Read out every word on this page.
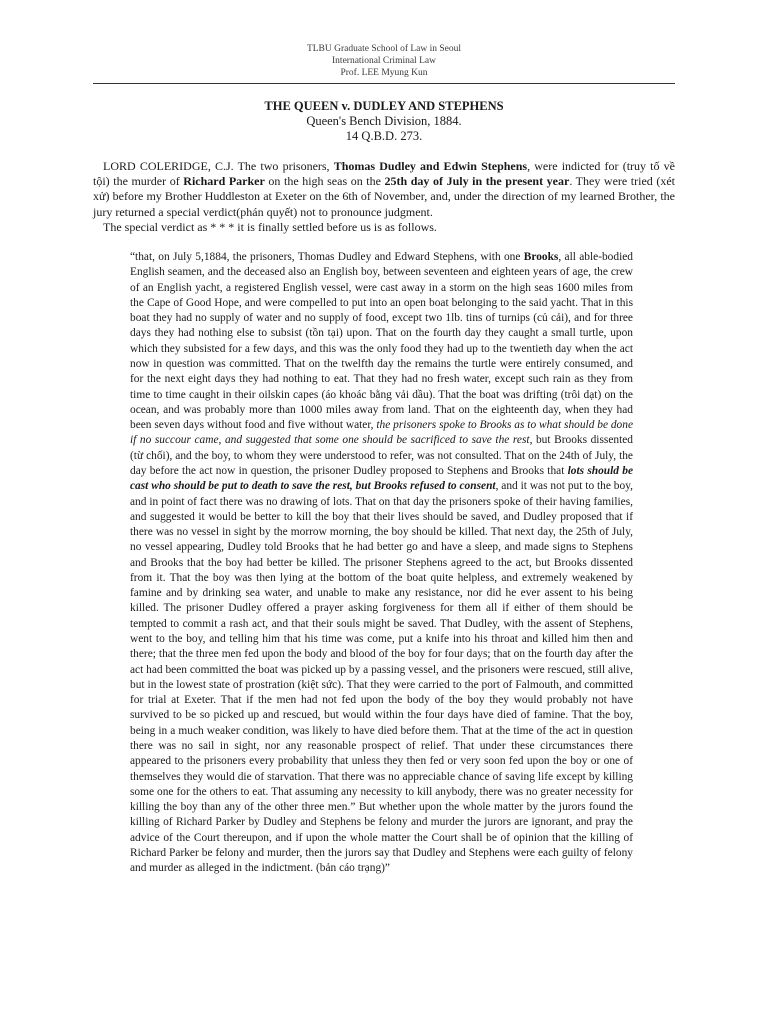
TLBU Graduate School of Law in Seoul
International Criminal Law
Prof. LEE Myung Kun
THE QUEEN v. DUDLEY AND STEPHENS
Queen's Bench Division, 1884.
14 Q.B.D. 273.

LORD COLERIDGE, C.J. The two prisoners, Thomas Dudley and Edwin Stephens, were indicted for (truy tố về tội) the murder of Richard Parker on the high seas on the 25th day of July in the present year. They were tried (xét xử) before my Brother Huddleston at Exeter on the 6th of November, and, under the direction of my learned Brother, the jury returned a special verdict(phán quyết) not to pronounce judgment.

The special verdict as * * * it is finally settled before us is as follows.

“that, on July 5,1884, the prisoners, Thomas Dudley and Edward Stephens, with one Brooks, all able-bodied English seamen, and the deceased also an English boy, between seventeen and eighteen years of age, the crew of an English yacht, a registered English vessel, were cast away in a storm on the high seas 1600 miles from the Cape of Good Hope, and were compelled to put into an open boat belonging to the said yacht. That in this boat they had no supply of water and no supply of food, except two 1lb. tins of turnips (củ cải), and for three days they had nothing else to subsist (tồn tại) upon. That on the fourth day they caught a small turtle, upon which they subsisted for a few days, and this was the only food they had up to the twentieth day when the act now in question was committed. That on the twelfth day the remains the turtle were entirely consumed, and for the next eight days they had nothing to eat. That they had no fresh water, except such rain as they from time to time caught in their oilskin capes (áo khoác bằng vải dầu). That the boat was drifting (trôi dạt) on the ocean, and was probably more than 1000 miles away from land. That on the eighteenth day, when they had been seven days without food and five without water, the prisoners spoke to Brooks as to what should be done if no succour came, and suggested that some one should be sacrificed to save the rest, but Brooks dissented (từ chối), and the boy, to whom they were understood to refer, was not consulted. That on the 24th of July, the day before the act now in question, the prisoner Dudley proposed to Stephens and Brooks that lots should be cast who should be put to death to save the rest, but Brooks refused to consent, and it was not put to the boy, and in point of fact there was no drawing of lots. That on that day the prisoners spoke of their having families, and suggested it would be better to kill the boy that their lives should be saved, and Dudley proposed that if there was no vessel in sight by the morrow morning, the boy should be killed. That next day, the 25th of July, no vessel appearing, Dudley told Brooks that he had better go and have a sleep, and made signs to Stephens and Brooks that the boy had better be killed. The prisoner Stephens agreed to the act, but Brooks dissented from it. That the boy was then lying at the bottom of the boat quite helpless, and extremely weakened by famine and by drinking sea water, and unable to make any resistance, nor did he ever assent to his being killed. The prisoner Dudley offered a prayer asking forgiveness for them all if either of them should be tempted to commit a rash act, and that their souls might be saved. That Dudley, with the assent of Stephens, went to the boy, and telling him that his time was come, put a knife into his throat and killed him then and there; that the three men fed upon the body and blood of the boy for four days; that on the fourth day after the act had been committed the boat was picked up by a passing vessel, and the prisoners were rescued, still alive, but in the lowest state of prostration (kiệt sức). That they were carried to the port of Falmouth, and committed for trial at Exeter. That if the men had not fed upon the body of the boy they would probably not have survived to be so picked up and rescued, but would within the four days have died of famine. That the boy, being in a much weaker condition, was likely to have died before them. That at the time of the act in question there was no sail in sight, nor any reasonable prospect of relief. That under these circumstances there appeared to the prisoners every probability that unless they then fed or very soon fed upon the boy or one of themselves they would die of starvation. That there was no appreciable chance of saving life except by killing some one for the others to eat. That assuming any necessity to kill anybody, there was no greater necessity for killing the boy than any of the other three men.” But whether upon the whole matter by the jurors found the killing of Richard Parker by Dudley and Stephens be felony and murder the jurors are ignorant, and pray the advice of the Court thereupon, and if upon the whole matter the Court shall be of opinion that the killing of Richard Parker be felony and murder, then the jurors say that Dudley and Stephens were each guilty of felony and murder as alleged in the indictment. (bản cáo trạng)”
